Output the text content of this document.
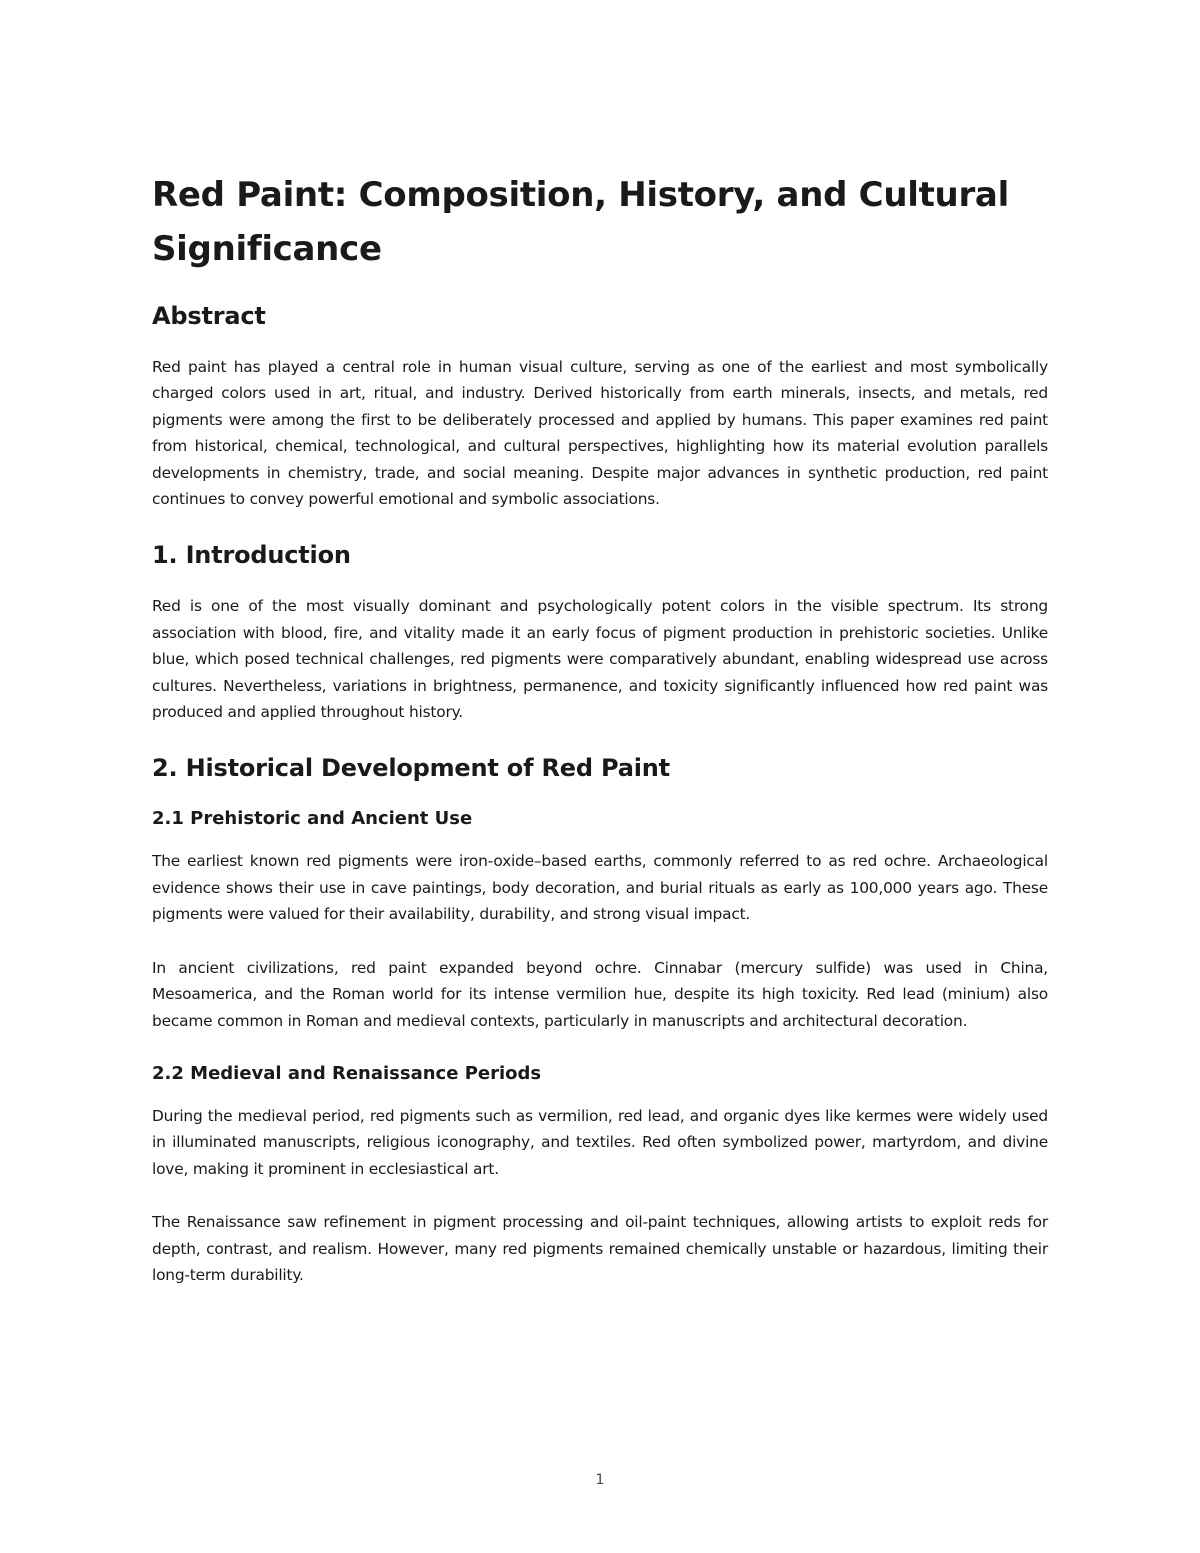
Red Paint: Composition, History, and Cultural Significance
Abstract

Red paint has played a central role in human visual culture, serving as one of the earliest and most symbolically charged colors used in art, ritual, and industry. Derived historically from earth minerals, insects, and metals, red pigments were among the first to be deliberately processed and applied by humans. This paper examines red paint from historical, chemical, technological, and cultural perspectives, highlighting how its material evolution parallels developments in chemistry, trade, and social meaning. Despite major advances in synthetic production, red paint continues to convey powerful emotional and symbolic associations.

1. Introduction

Red is one of the most visually dominant and psychologically potent colors in the visible spectrum. Its strong association with blood, fire, and vitality made it an early focus of pigment production in prehistoric societies. Unlike blue, which posed technical challenges, red pigments were comparatively abundant, enabling widespread use across cultures. Nevertheless, variations in brightness, permanence, and toxicity significantly influenced how red paint was produced and applied throughout history.

2. Historical Development of Red Paint
2.1 Prehistoric and Ancient Use

The earliest known red pigments were iron-oxide–based earths, commonly referred to as red ochre. Archaeological evidence shows their use in cave paintings, body decoration, and burial rituals as early as 100,000 years ago. These pigments were valued for their availability, durability, and strong visual impact.

In ancient civilizations, red paint expanded beyond ochre. Cinnabar (mercury sulfide) was used in China, Mesoamerica, and the Roman world for its intense vermilion hue, despite its high toxicity. Red lead (minium) also became common in Roman and medieval contexts, particularly in manuscripts and architectural decoration.

2.2 Medieval and Renaissance Periods

During the medieval period, red pigments such as vermilion, red lead, and organic dyes like kermes were widely used in illuminated manuscripts, religious iconography, and textiles. Red often symbolized power, martyrdom, and divine love, making it prominent in ecclesiastical art.

The Renaissance saw refinement in pigment processing and oil-paint techniques, allowing artists to exploit reds for depth, contrast, and realism. However, many red pigments remained chemically unstable or hazardous, limiting their long-term durability.

1
